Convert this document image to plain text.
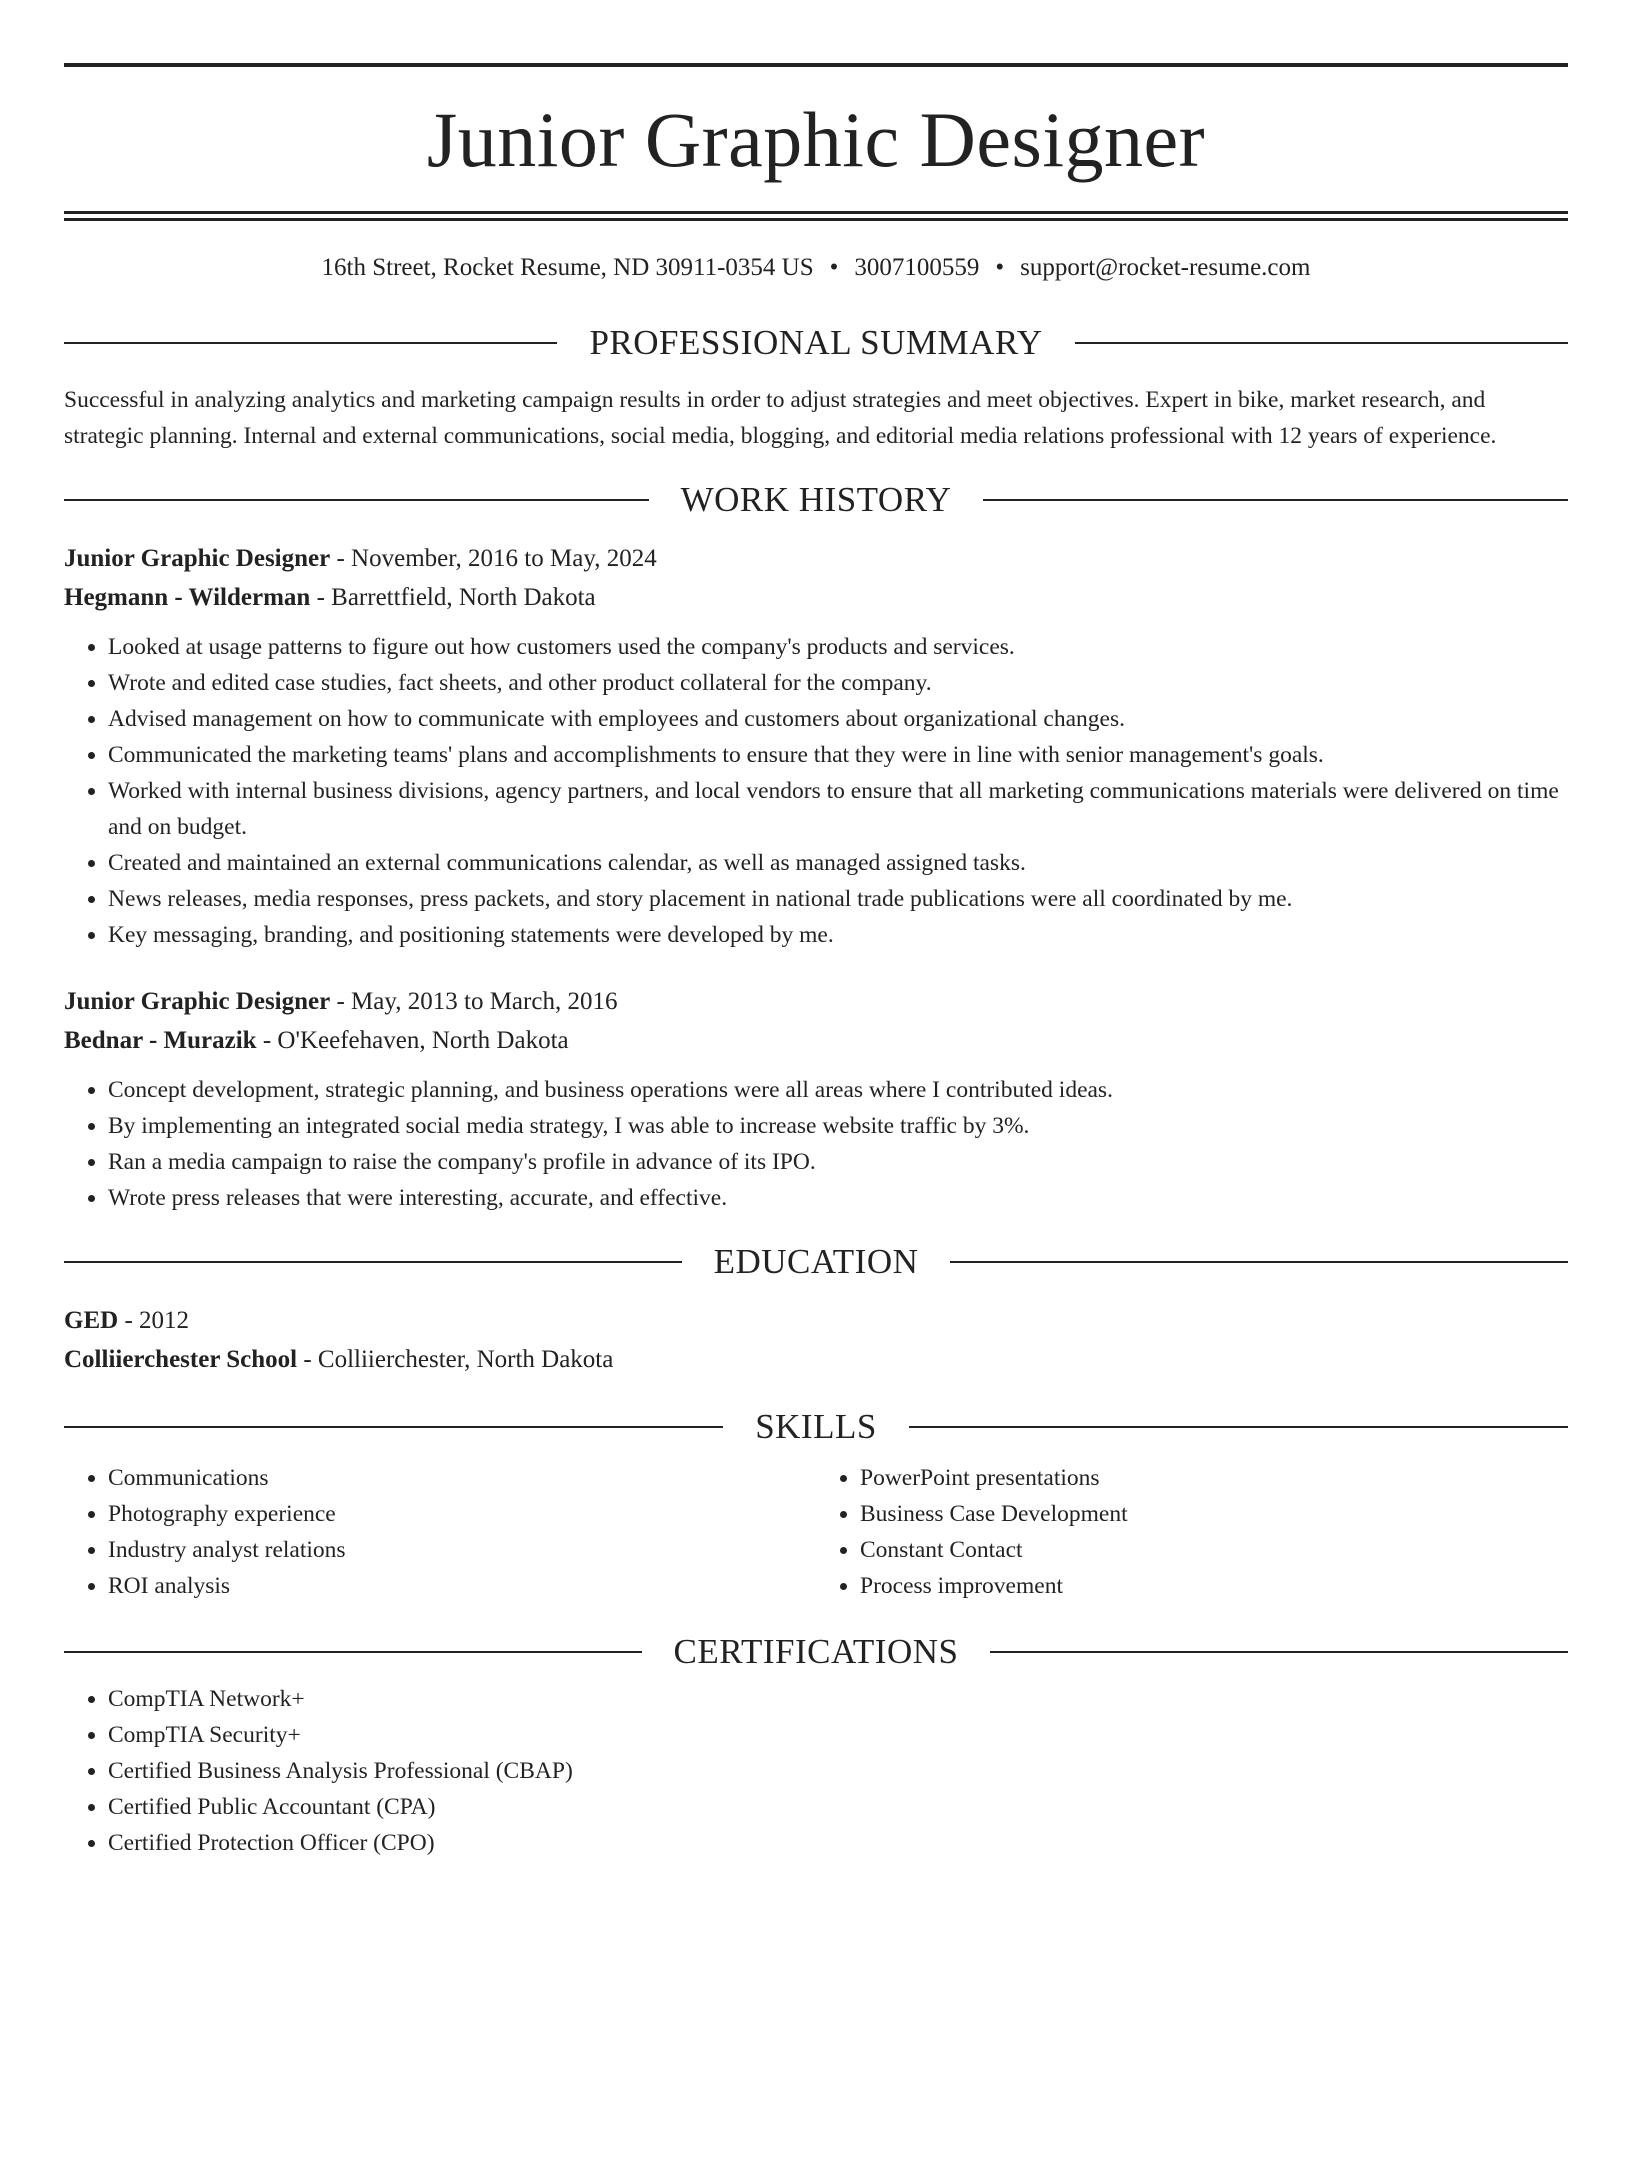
Junior Graphic Designer
16th Street, Rocket Resume, ND 30911-0354 US • 3007100559 • support@rocket-resume.com
PROFESSIONAL SUMMARY

Successful in analyzing analytics and marketing campaign results in order to adjust strategies and meet objectives. Expert in bike, market research, and strategic planning. Internal and external communications, social media, blogging, and editorial media relations professional with 12 years of experience.

WORK HISTORY
Junior Graphic Designer - November, 2016 to May, 2024
Hegmann - Wilderman - Barrettfield, North Dakota
• Looked at usage patterns to figure out how customers used the company's products and services.
• Wrote and edited case studies, fact sheets, and other product collateral for the company.
• Advised management on how to communicate with employees and customers about organizational changes.
• Communicated the marketing teams' plans and accomplishments to ensure that they were in line with senior management's goals.
• Worked with internal business divisions, agency partners, and local vendors to ensure that all marketing communications materials were delivered on time and on budget.
• Created and maintained an external communications calendar, as well as managed assigned tasks.
• News releases, media responses, press packets, and story placement in national trade publications were all coordinated by me.
• Key messaging, branding, and positioning statements were developed by me.
Junior Graphic Designer - May, 2013 to March, 2016
Bednar - Murazik - O'Keefehaven, North Dakota
• Concept development, strategic planning, and business operations were all areas where I contributed ideas.
• By implementing an integrated social media strategy, I was able to increase website traffic by 3%.
• Ran a media campaign to raise the company's profile in advance of its IPO.
• Wrote press releases that were interesting, accurate, and effective.
EDUCATION
GED - 2012
Colliierchester School - Colliierchester, North Dakota
SKILLS
• Communications
• Photography experience
• Industry analyst relations
• ROI analysis
• PowerPoint presentations
• Business Case Development
• Constant Contact
• Process improvement
CERTIFICATIONS
• CompTIA Network+
• CompTIA Security+
• Certified Business Analysis Professional (CBAP)
• Certified Public Accountant (CPA)
• Certified Protection Officer (CPO)
